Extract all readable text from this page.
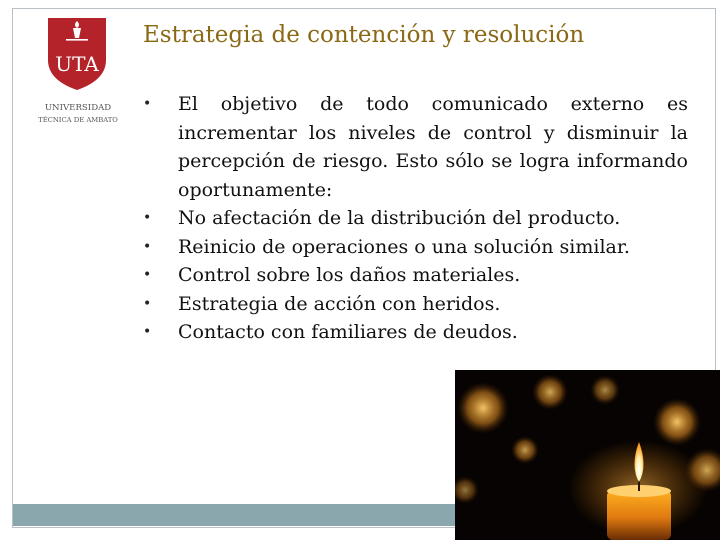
UTA
UNIVERSIDAD
TÉCNICA DE AMBATO
Estrategia de contención y resolución
• El objetivo de todo comunicado externo es incrementar los niveles de control y disminuir la percepción de riesgo. Esto sólo se logra informando oportunamente:
• No afectación de la distribución del producto.
• Reinicio de operaciones o una solución similar.
• Control sobre los daños materiales.
• Estrategia de acción con heridos.
• Contacto con familiares de deudos.
